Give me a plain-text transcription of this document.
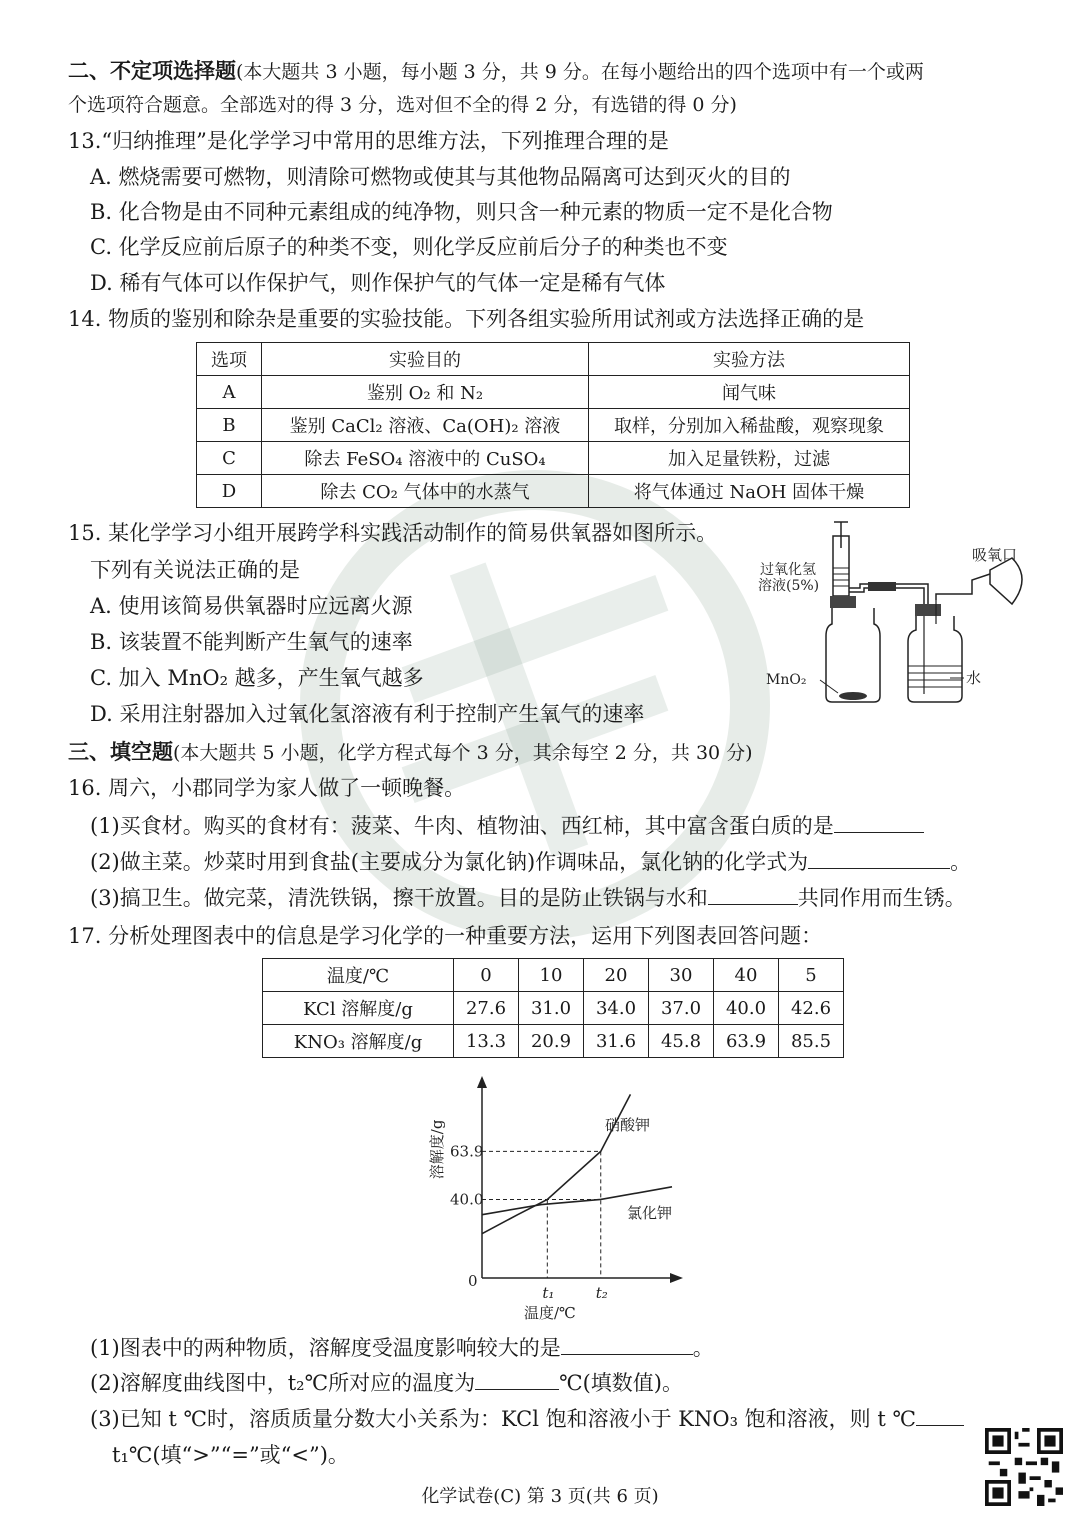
二、不定项选择题(本大题共 3 小题，每小题 3 分，共 9 分。在每小题给出的四个选项中有一个或两
个选项符合题意。全部选对的得 3 分，选对但不全的得 2 分，有选错的得 0 分)
13.“归纳推理”是化学学习中常用的思维方法，下列推理合理的是
A. 燃烧需要可燃物，则清除可燃物或使其与其他物品隔离可达到灭火的目的
B. 化合物是由不同种元素组成的纯净物，则只含一种元素的物质一定不是化合物
C. 化学反应前后原子的种类不变，则化学反应前后分子的种类也不变
D. 稀有气体可以作保护气，则作保护气的气体一定是稀有气体
14. 物质的鉴别和除杂是重要的实验技能。下列各组实验所用试剂或方法选择正确的是
选项	实验目的	实验方法
A	鉴别 O₂ 和 N₂	闻气味
B	鉴别 CaCl₂ 溶液、Ca(OH)₂ 溶液	取样，分别加入稀盐酸，观察现象
C	除去 FeSO₄ 溶液中的 CuSO₄	加入足量铁粉，过滤
D	除去 CO₂ 气体中的水蒸气	将气体通过 NaOH 固体干燥
15. 某化学学习小组开展跨学科实践活动制作的简易供氧器如图所示。
下列有关说法正确的是
A. 使用该简易供氧器时应远离火源
B. 该装置不能判断产生氧气的速率
C. 加入 MnO₂ 越多，产生氧气越多
D. 采用注射器加入过氧化氢溶液有利于控制产生氧气的速率
过氧化氢
溶液(5%)
吸氧口
MnO₂	水
三、填空题(本大题共 5 小题，化学方程式每个 3 分，其余每空 2 分，共 30 分)
16. 周六，小郡同学为家人做了一顿晚餐。
(1)买食材。购买的食材有：菠菜、牛肉、植物油、西红柿，其中富含蛋白质的是
(2)做主菜。炒菜时用到食盐(主要成分为氯化钠)作调味品，氯化钠的化学式为	。
(3)搞卫生。做完菜，清洗铁锅，擦干放置。目的是防止铁锅与水和	共同作用而生锈。
17. 分析处理图表中的信息是学习化学的一种重要方法，运用下列图表回答问题：
温度/℃	0	10	20	30	40	5
KCl 溶解度/g	27.6	31.0	34.0	37.0	40.0	42.6
KNO₃ 溶解度/g	13.3	20.9	31.6	45.8	63.9	85.5
63.9
40.0
t₁	t₂
0
温度/℃
溶解度/g	硝酸钾
氯化钾
(1)图表中的两种物质，溶解度受温度影响较大的是	。
(2)溶解度曲线图中，t₂℃所对应的温度为	℃(填数值)。
(3)已知 t ℃时，溶质质量分数大小关系为：KCl 饱和溶液小于 KNO₃ 饱和溶液，则 t ℃
t₁℃(填“>”“=”或“<”)。
化学试卷(C) 第 3 页(共 6 页)
